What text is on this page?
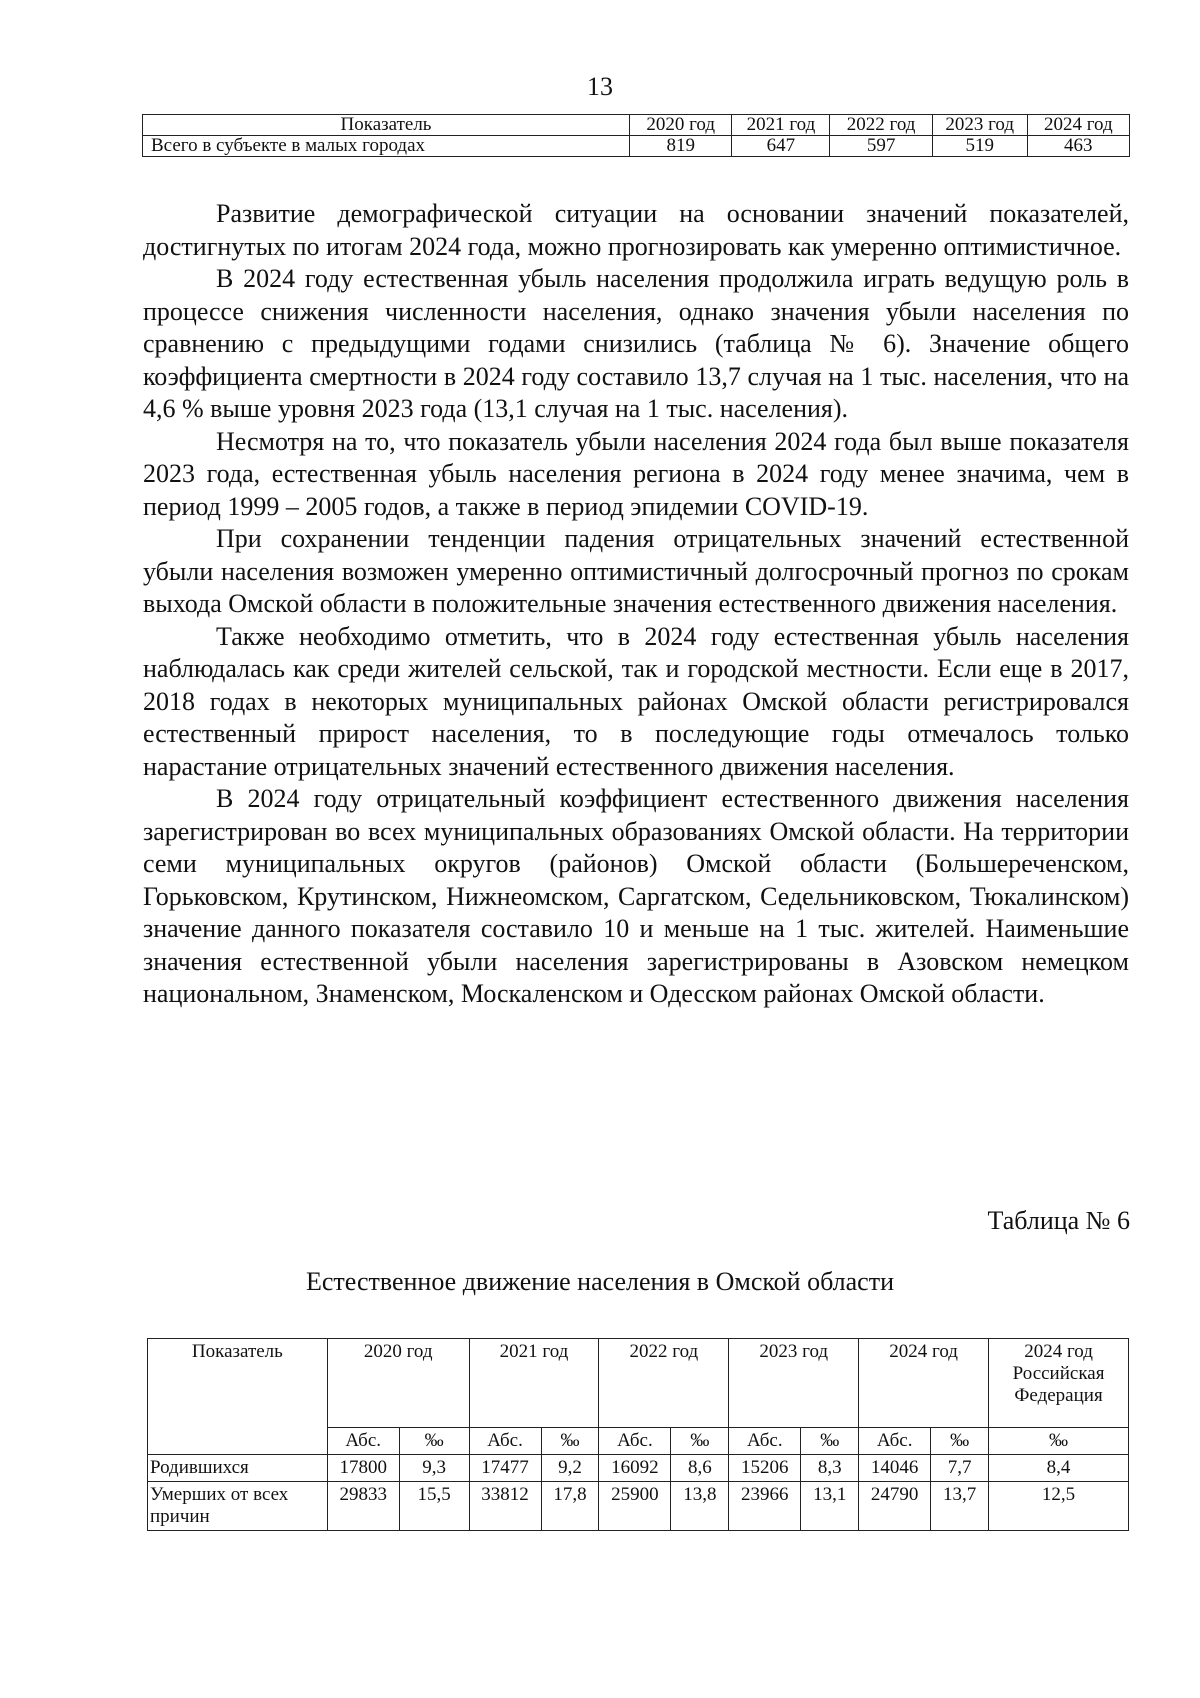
13
Показатель	2020 год	2021 год	2022 год	2023 год	2024 год
Всего в субъекте в малых городах	819	647	597	519	463

Развитие демографической ситуации на основании значений показателей, достигнутых по итогам 2024 года, можно прогнозировать как умеренно оптимистичное.

В 2024 году естественная убыль населения продолжила играть ведущую роль в процессе снижения численности населения, однако значения убыли населения по сравнению с предыдущими годами снизились (таблица № 6). Значение общего коэффициента смертности в 2024 году составило 13,7 случая на 1 тыс. населения, что на 4,6 % выше уровня 2023 года (13,1 случая на 1 тыс. населения).

Несмотря на то, что показатель убыли населения 2024 года был выше показателя 2023 года, естественная убыль населения региона в 2024 году менее значима, чем в период 1999 – 2005 годов, а также в период эпидемии COVID-19.

При сохранении тенденции падения отрицательных значений естественной убыли населения возможен умеренно оптимистичный долгосрочный прогноз по срокам выхода Омской области в положительные значения естественного движения населения.

Также необходимо отметить, что в 2024 году естественная убыль населения наблюдалась как среди жителей сельской, так и городской местности. Если еще в 2017, 2018 годах в некоторых муниципальных районах Омской области регистрировался естественный прирост населения, то в последующие годы отмечалось только нарастание отрицательных значений естественного движения населения.

В 2024 году отрицательный коэффициент естественного движения населения зарегистрирован во всех муниципальных образованиях Омской области. На территории семи муниципальных округов (районов) Омской области (Большереченском, Горьковском, Крутинском, Нижнеомском, Саргатском, Седельниковском, Тюкалинском) значение данного показателя составило 10 и меньше на 1 тыс. жителей. Наименьшие значения естественной убыли населения зарегистрированы в Азовском немецком национальном, Знаменском, Москаленском и Одесском районах Омской области.

Таблица № 6
Естественное движение населения в Омской области
Показатель	2020 год		2021 год		2022 год		2023 год		2024 год		2024 год Российская Федерация
	Абс.	‰	Абс.	‰	Абс.	‰	Абс.	‰	Абс.	‰	‰
Родившихся	17800	9,3	17477	9,2	16092	8,6	15206	8,3	14046	7,7	8,4
Умерших от всех причин	29833	15,5	33812	17,8	25900	13,8	23966	13,1	24790	13,7	12,5
